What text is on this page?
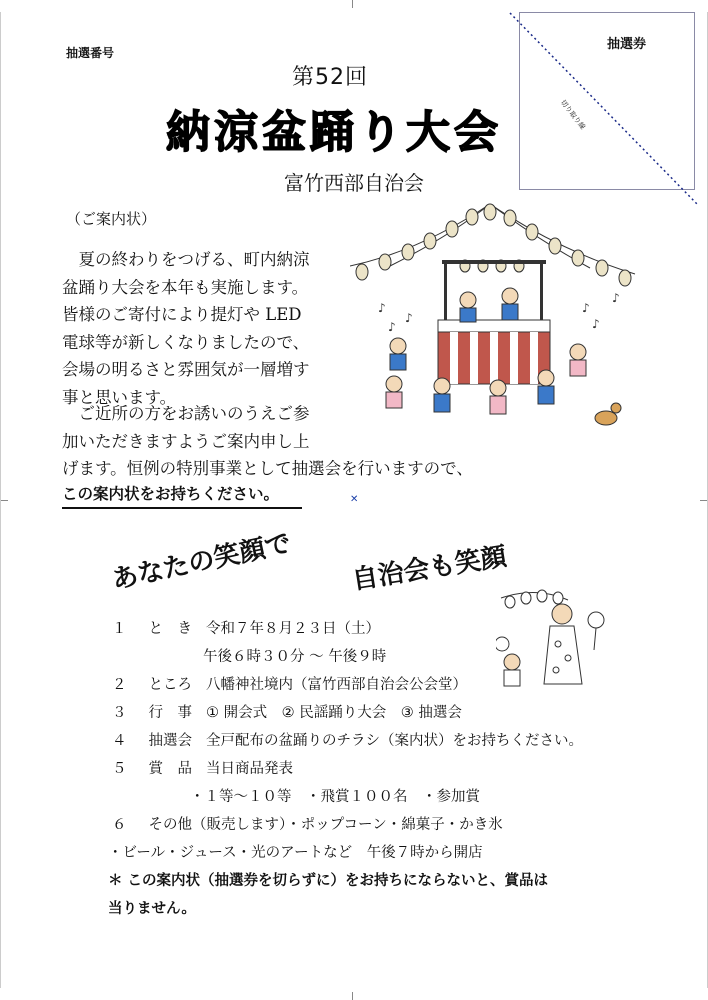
抽選番号
抽選券
切り取り線
第52回
納涼盆踊り大会
富竹西部自治会
（ご案内状）
　夏の終わりをつげる、町内納涼
盆踊り大会を本年も実施します。
皆様のご寄付により提灯や LED
電球等が新しくなりましたので、
会場の明るさと雰囲気が一層増す
事と思います。
　ご近所の方をお誘いのうえご参
加いただきますようご案内申し上
げます。恒例の特別事業として抽選会を行いますので、
この案内状をお持ちください。	✕
♪
♪
♪
♪
♪
♪
あなたの笑顔で 自治会も笑顔
１ と　き 令和７年８月２３日（土）
午後６時３０分 ～ 午後９時
２ ところ 八幡神社境内（富竹西部自治会公会堂）
３ 行　事 ① 開会式　② 民謡踊り大会　③ 抽選会
４ 抽選会 全戸配布の盆踊りのチラシ（案内状）をお持ちください。
５ 賞　品 当日商品発表
・１等～１０等　・飛賞１００名　・参加賞
６ その他（販売します）・ポップコーン・綿菓子・かき氷
・ビール・ジュース・光のアートなど　午後７時から開店
＊ この案内状（抽選券を切らずに）をお持ちにならないと、賞品は
当りません。
